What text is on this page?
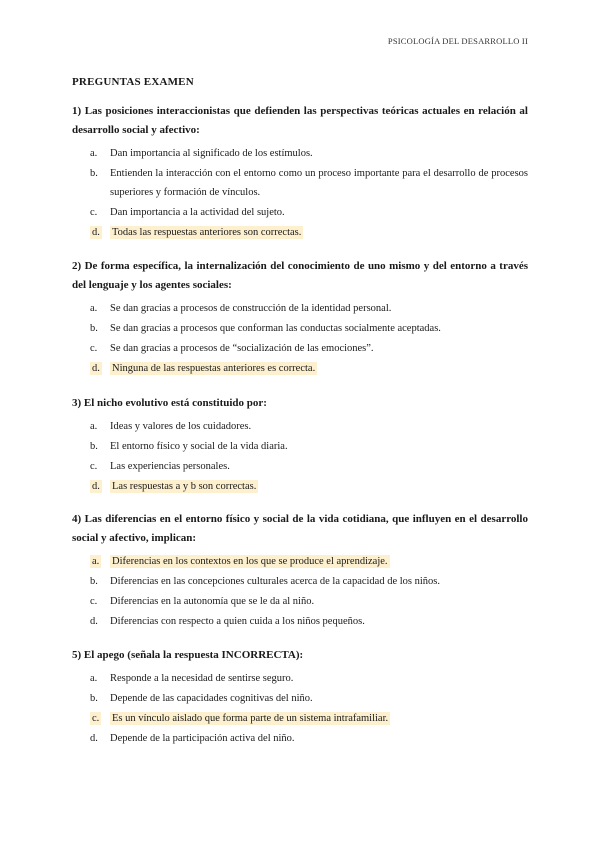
PSICOLOGÍA DEL DESARROLLO II
PREGUNTAS EXAMEN
1) Las posiciones interaccionistas que defienden las perspectivas teóricas actuales en relación al desarrollo social y afectivo:
a.	Dan importancia al significado de los estímulos.
b.	Entienden la interacción con el entorno como un proceso importante para el desarrollo de procesos superiores y formación de vínculos.
c.	Dan importancia a la actividad del sujeto.
d.	Todas las respuestas anteriores son correctas.
2) De forma específica, la internalización del conocimiento de uno mismo y del entorno a través del lenguaje y los agentes sociales:
a.	Se dan gracias a procesos de construcción de la identidad personal.
b.	Se dan gracias a procesos que conforman las conductas socialmente aceptadas.
c.	Se dan gracias a procesos de “socialización de las emociones”.
d.	Ninguna de las respuestas anteriores es correcta.
3) El nicho evolutivo está constituido por:
a.	Ideas y valores de los cuidadores.
b.	El entorno físico y social de la vida diaria.
c.	Las experiencias personales.
d.	Las respuestas a y b son correctas.
4) Las diferencias en el entorno físico y social de la vida cotidiana, que influyen en el desarrollo social y afectivo, implican:
a.	Diferencias en los contextos en los que se produce el aprendizaje.
b.	Diferencias en las concepciones culturales acerca de la capacidad de los niños.
c.	Diferencias en la autonomía que se le da al niño.
d.	Diferencias con respecto a quien cuida a los niños pequeños.
5) El apego (señala la respuesta INCORRECTA):
a.	Responde a la necesidad de sentirse seguro.
b.	Depende de las capacidades cognitivas del niño.
c.	Es un vínculo aislado que forma parte de un sistema intrafamiliar.
d.	Depende de la participación activa del niño.
